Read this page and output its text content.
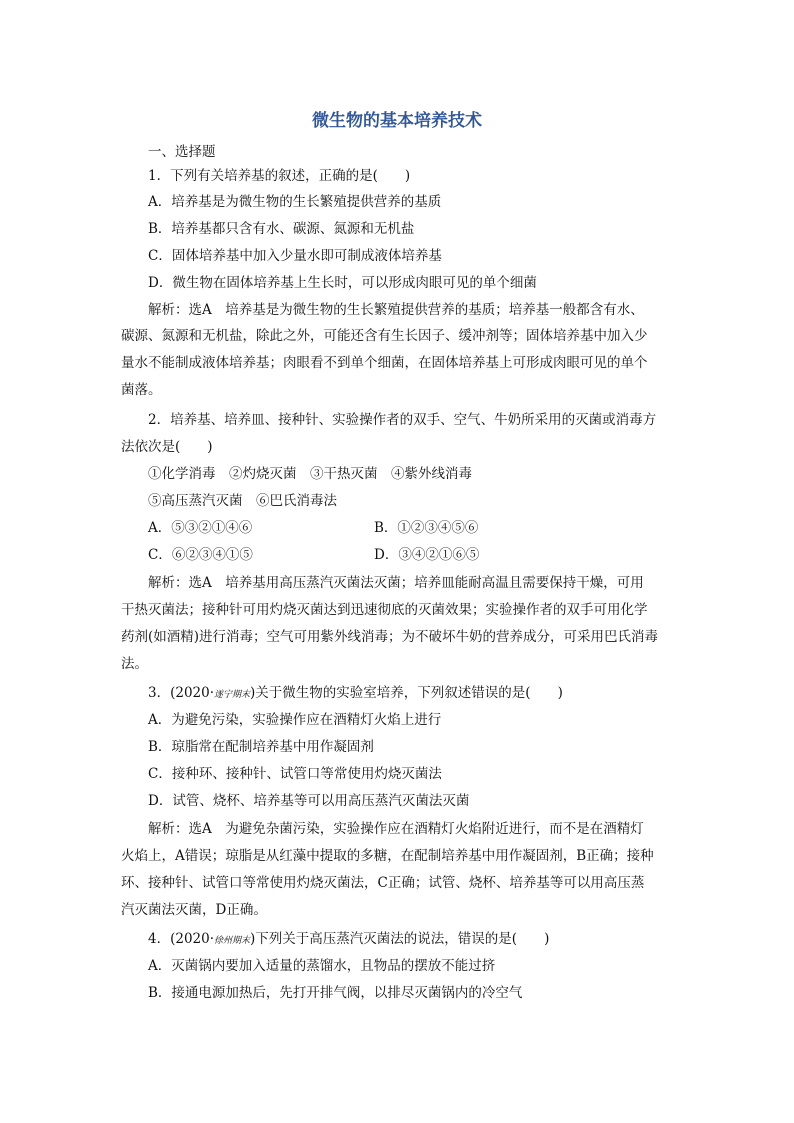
微生物的基本培养技术
一、选择题
1．下列有关培养基的叙述，正确的是(　　)
A．培养基是为微生物的生长繁殖提供营养的基质
B．培养基都只含有水、碳源、氮源和无机盐
C．固体培养基中加入少量水即可制成液体培养基
D．微生物在固体培养基上生长时，可以形成肉眼可见的单个细菌
解析：选A　培养基是为微生物的生长繁殖提供营养的基质；培养基一般都含有水、
碳源、氮源和无机盐，除此之外，可能还含有生长因子、缓冲剂等；固体培养基中加入少
量水不能制成液体培养基；肉眼看不到单个细菌，在固体培养基上可形成肉眼可见的单个
菌落。
2．培养基、培养皿、接种针、实验操作者的双手、空气、牛奶所采用的灭菌或消毒方
法依次是(　　)
①化学消毒　②灼烧灭菌　③干热灭菌　④紫外线消毒
⑤高压蒸汽灭菌　⑥巴氏消毒法
A．⑤③②①④⑥	B．①②③④⑤⑥
C．⑥②③④①⑤	D．③④②①⑥⑤
解析：选A　培养基用高压蒸汽灭菌法灭菌；培养皿能耐高温且需要保持干燥，可用
干热灭菌法；接种针可用灼烧灭菌达到迅速彻底的灭菌效果；实验操作者的双手可用化学
药剂(如酒精)进行消毒；空气可用紫外线消毒；为不破坏牛奶的营养成分，可采用巴氏消毒
法。
3．(2020·遂宁期末)关于微生物的实验室培养，下列叙述错误的是(　　)
A．为避免污染，实验操作应在酒精灯火焰上进行
B．琼脂常在配制培养基中用作凝固剂
C．接种环、接种针、试管口等常使用灼烧灭菌法
D．试管、烧杯、培养基等可以用高压蒸汽灭菌法灭菌
解析：选A　为避免杂菌污染，实验操作应在酒精灯火焰附近进行，而不是在酒精灯
火焰上，A错误；琼脂是从红藻中提取的多糖，在配制培养基中用作凝固剂，B正确；接种
环、接种针、试管口等常使用灼烧灭菌法，C正确；试管、烧杯、培养基等可以用高压蒸
汽灭菌法灭菌，D正确。
4．(2020·徐州期末)下列关于高压蒸汽灭菌法的说法，错误的是(　　)
A．灭菌锅内要加入适量的蒸馏水，且物品的摆放不能过挤
B．接通电源加热后，先打开排气阀，以排尽灭菌锅内的冷空气
